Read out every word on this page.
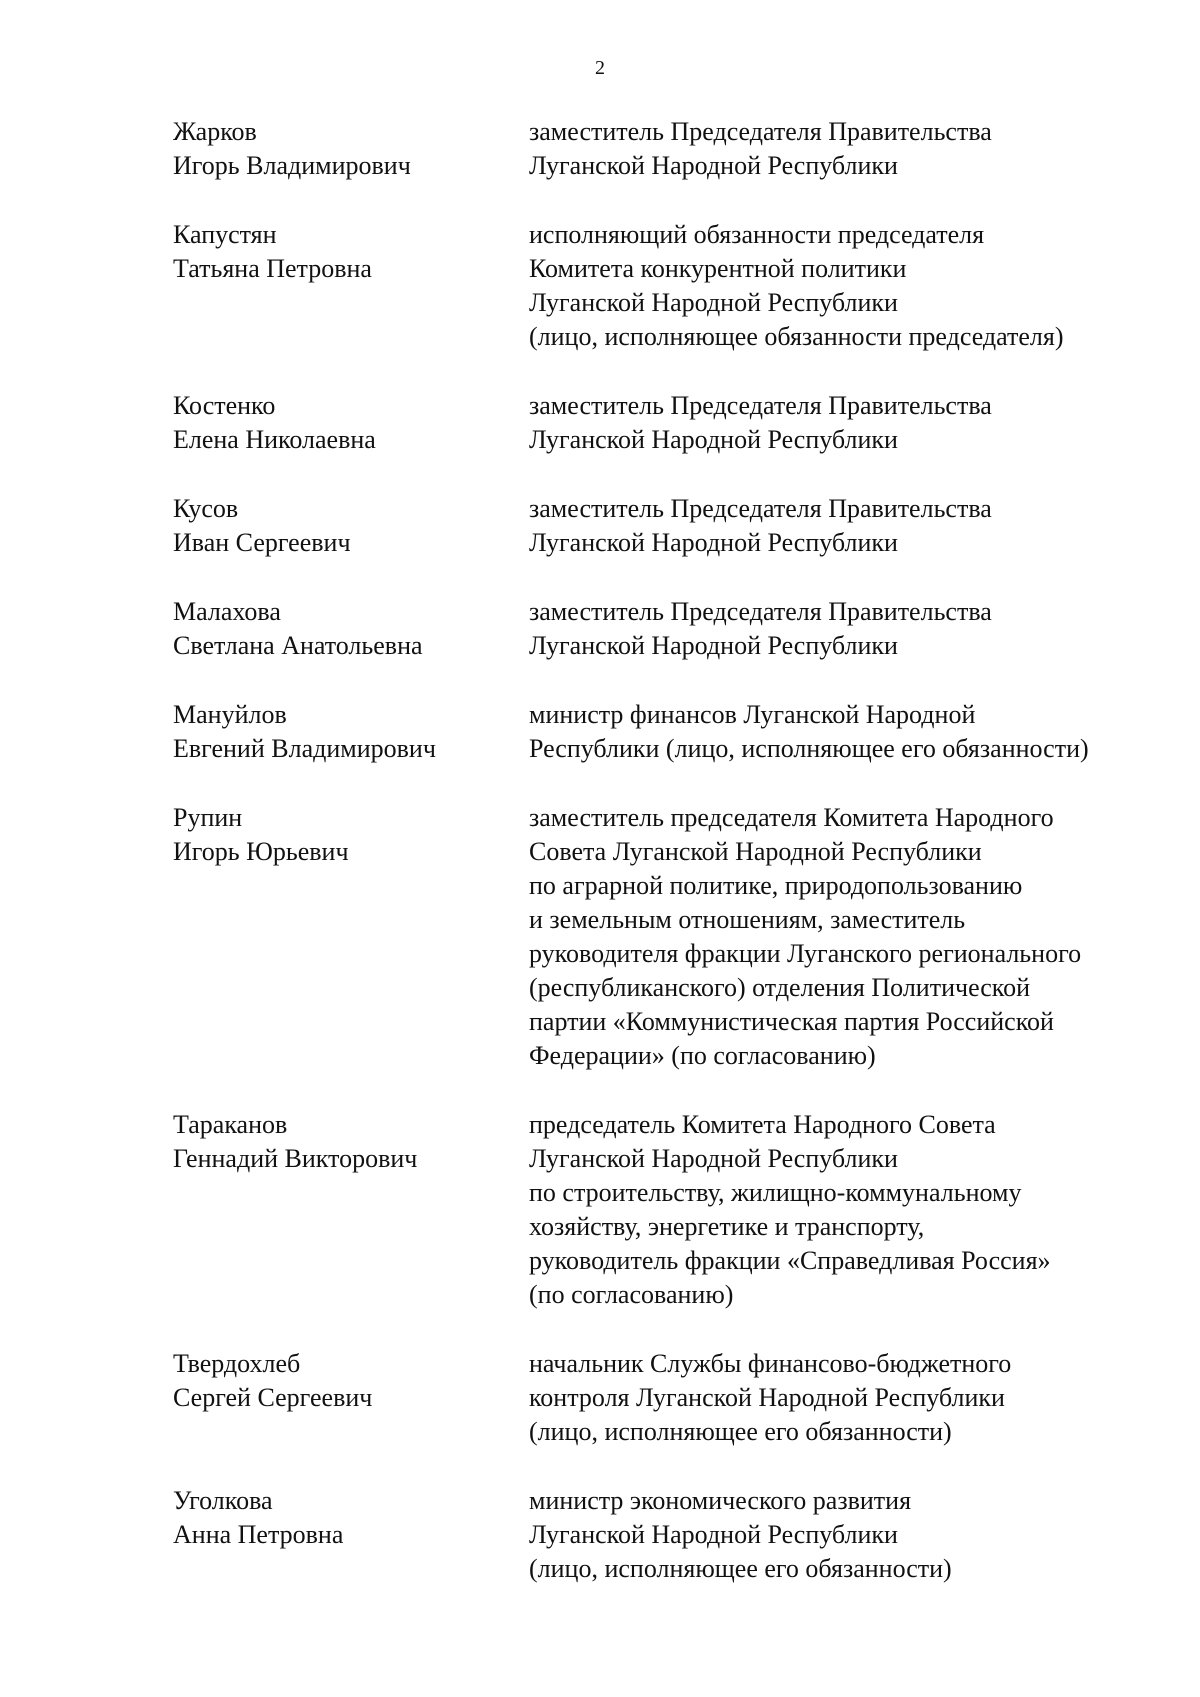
2
Жарков
Игорь Владимирович
заместитель Председателя Правительства
Луганской Народной Республики
Капустян
Татьяна Петровна
исполняющий обязанности председателя
Комитета конкурентной политики
Луганской Народной Республики
(лицо, исполняющее обязанности председателя)
Костенко
Елена Николаевна
заместитель Председателя Правительства
Луганской Народной Республики
Кусов
Иван Сергеевич
заместитель Председателя Правительства
Луганской Народной Республики
Малахова
Светлана Анатольевна
заместитель Председателя Правительства
Луганской Народной Республики
Мануйлов
Евгений Владимирович
министр финансов Луганской Народной
Республики (лицо, исполняющее его обязанности)
Рупин
Игорь Юрьевич
заместитель председателя Комитета Народного
Совета Луганской Народной Республики
по аграрной политике, природопользованию
и земельным отношениям, заместитель
руководителя фракции Луганского регионального
(республиканского) отделения Политической
партии «Коммунистическая партия Российской
Федерации» (по согласованию)
Тараканов
Геннадий Викторович
председатель Комитета Народного Совета
Луганской Народной Республики
по строительству, жилищно-коммунальному
хозяйству, энергетике и транспорту,
руководитель фракции «Справедливая Россия»
(по согласованию)
Твердохлеб
Сергей Сергеевич
начальник Службы финансово-бюджетного
контроля Луганской Народной Республики
(лицо, исполняющее его обязанности)
Уголкова
Анна Петровна
министр экономического развития
Луганской Народной Республики
(лицо, исполняющее его обязанности)
